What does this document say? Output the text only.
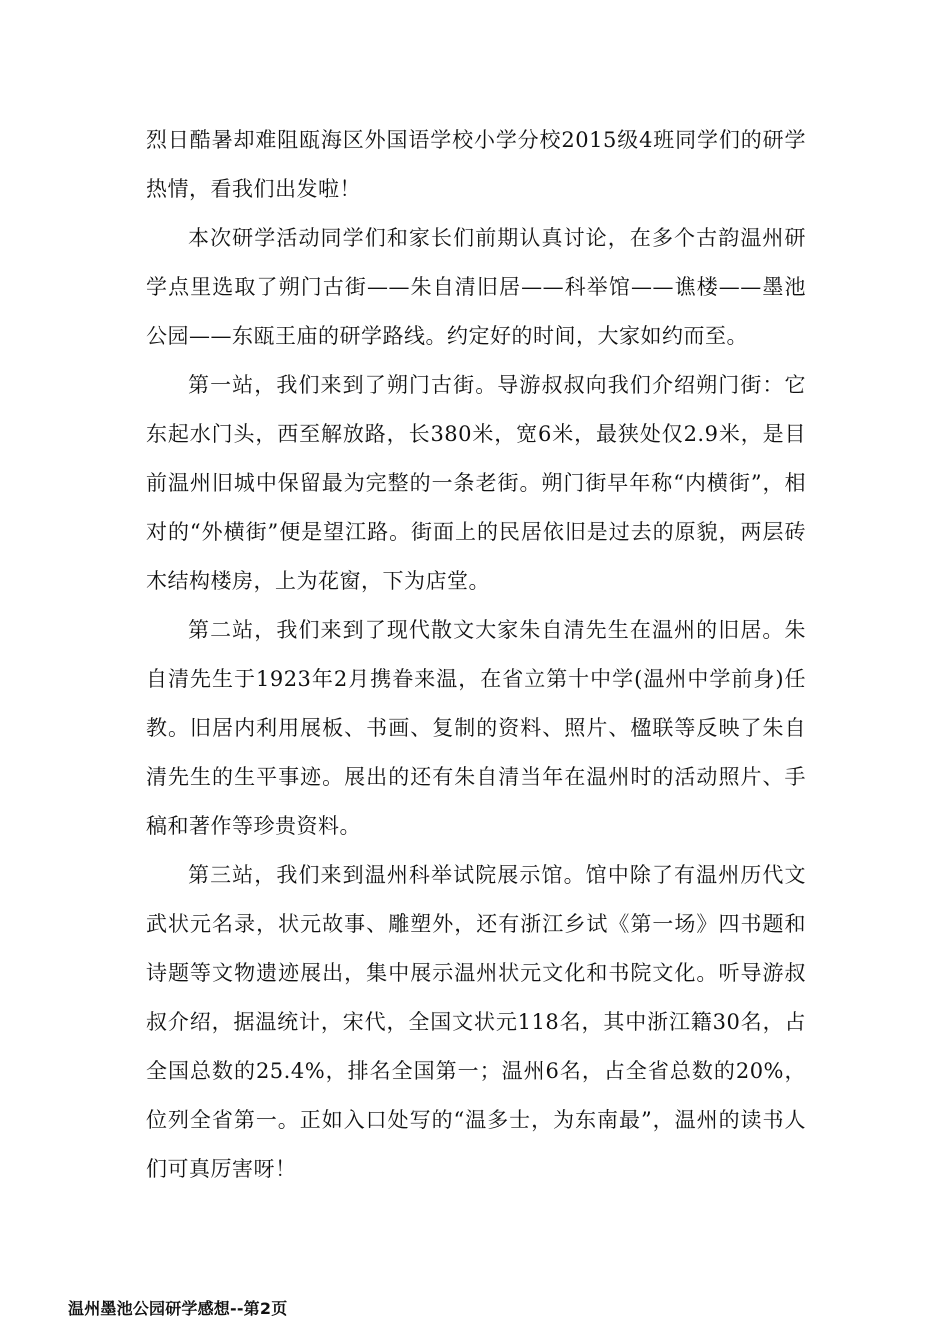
烈日酷暑却难阻瓯海区外国语学校小学分校2015级4班同学们的研学热情，看我们出发啦！

本次研学活动同学们和家长们前期认真讨论，在多个古韵温州研学点里选取了朔门古街——朱自清旧居——科举馆——谯楼——墨池公园——东瓯王庙的研学路线。约定好的时间，大家如约而至。

第一站，我们来到了朔门古街。导游叔叔向我们介绍朔门街：它东起水门头，西至解放路，长380米，宽6米，最狭处仅2.9米，是目前温州旧城中保留最为完整的一条老街。朔门街早年称“内横街”，相对的“外横街”便是望江路。街面上的民居依旧是过去的原貌，两层砖木结构楼房，上为花窗，下为店堂。

第二站，我们来到了现代散文大家朱自清先生在温州的旧居。朱自清先生于1923年2月携眷来温，在省立第十中学(温州中学前身)任教。旧居内利用展板、书画、复制的资料、照片、楹联等反映了朱自清先生的生平事迹。展出的还有朱自清当年在温州时的活动照片、手稿和著作等珍贵资料。

第三站，我们来到温州科举试院展示馆。馆中除了有温州历代文武状元名录，状元故事、雕塑外，还有浙江乡试《第一场》四书题和诗题等文物遗迹展出，集中展示温州状元文化和书院文化。听导游叔叔介绍，据温统计，宋代，全国文状元118名，其中浙江籍30名，占全国总数的25.4%，排名全国第一；温州6名，占全省总数的20%，位列全省第一。正如入口处写的“温多士，为东南最”，温州的读书人们可真厉害呀！

温州墨池公园研学感想--第2页
